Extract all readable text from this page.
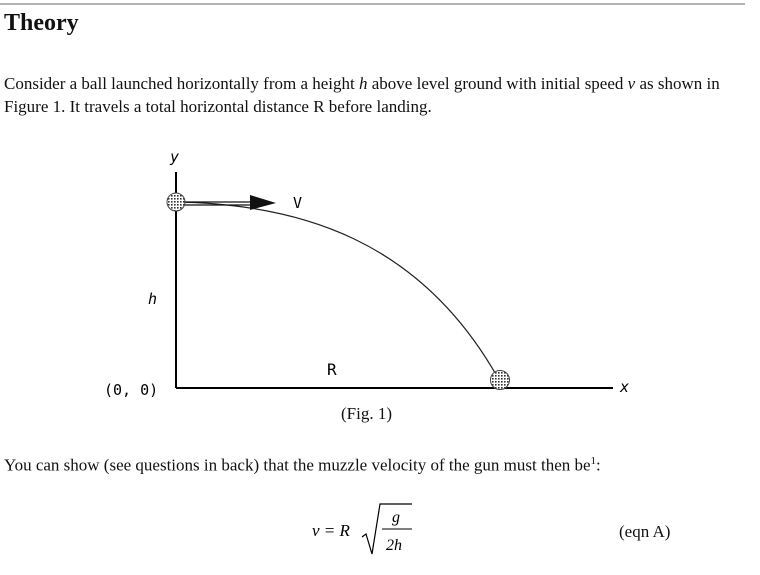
Theory

Consider a ball launched horizontally from a height h above level ground with initial speed v as shown in Figure 1. It travels a total horizontal distance R before landing.

y
V
h
R
(0, 0)	x
(Fig. 1)

You can show (see questions in back) that the muzzle velocity of the gun must then $be^1$:

v = R
g
2h
(eqn A)
